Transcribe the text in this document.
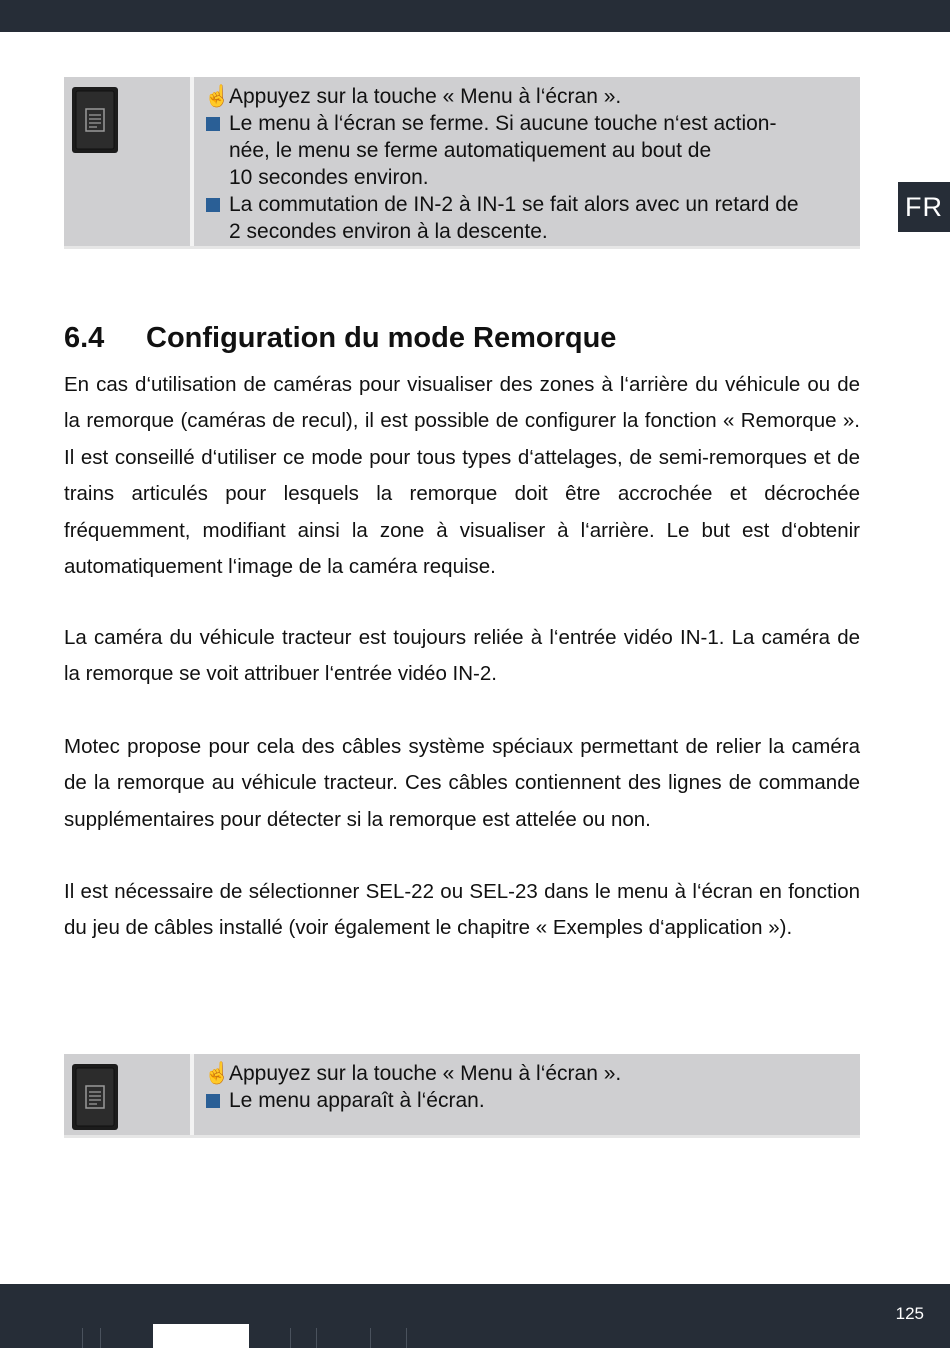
FR
☝
Appuyez sur la touche « Menu à l‘écran ».
Le menu à l‘écran se ferme. Si aucune touche n‘est action-
née, le menu se ferme automatiquement au bout de
10 secondes environ.
La commutation de IN-2 à IN-1 se fait alors avec un retard de
2 secondes environ à la descente.
6.4 Configuration du mode Remorque

En cas d‘utilisation de caméras pour visualiser des zones à l‘arrière du véhicule ou de la remorque (caméras de recul), il est possible de configurer la fonction « Remorque ». Il est conseillé d‘utiliser ce mode pour tous types d‘attelages, de semi-remorques et de trains articulés pour lesquels la remorque doit être accrochée et décrochée fréquemment, modifiant ainsi la zone à visualiser à l‘arrière. Le but est d‘obtenir automatiquement l‘image de la caméra requise.

La caméra du véhicule tracteur est toujours reliée à l‘entrée vidéo IN-1. La caméra de la remorque se voit attribuer l‘entrée vidéo IN-2.

Motec propose pour cela des câbles système spéciaux permettant de relier la caméra de la remorque au véhicule tracteur. Ces câbles contiennent des lignes de commande supplémentaires pour détecter si la remorque est attelée ou non.

Il est nécessaire de sélectionner SEL-22 ou SEL-23 dans le menu à l‘écran en fonction du jeu de câbles installé (voir également le chapitre « Exemples d‘application »).

☝
Appuyez sur la touche « Menu à l‘écran ».
Le menu apparaît à l‘écran.
125
